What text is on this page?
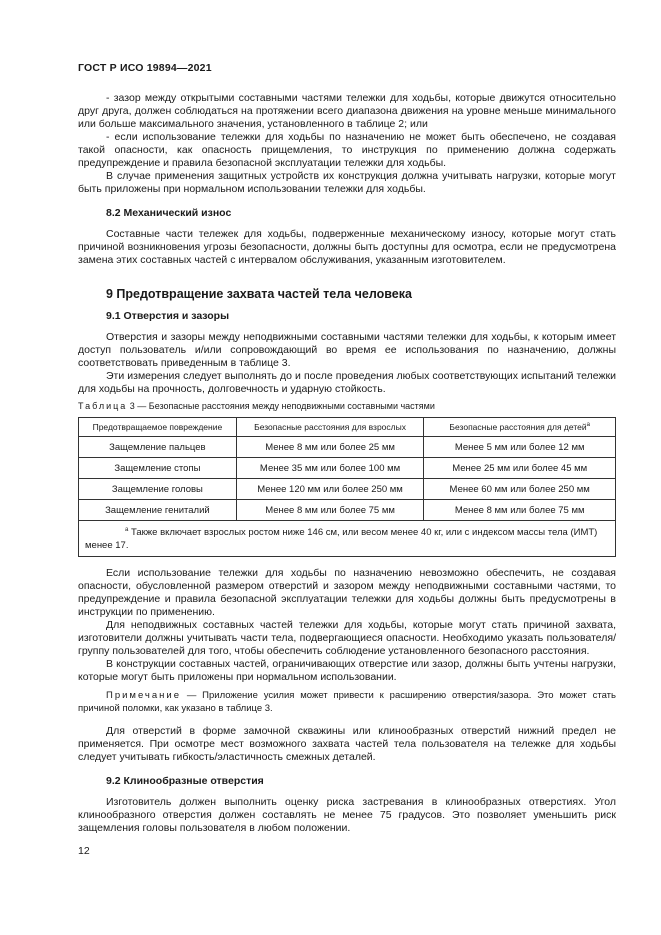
ГОСТ Р ИСО 19894—2021

- зазор между открытыми составными частями тележки для ходьбы, которые движутся относительно друг друга, должен соблюдаться на протяжении всего диапазона движения на уровне меньше минимального или больше максимального значения, установленного в таблице 2; или

- если использование тележки для ходьбы по назначению не может быть обеспечено, не создавая такой опасности, как опасность прищемления, то инструкция по применению должна содержать предупреждение и правила безопасной эксплуатации тележки для ходьбы.

В случае применения защитных устройств их конструкция должна учитывать нагрузки, которые могут быть приложены при нормальном использовании тележки для ходьбы.

8.2 Механический износ

Составные части тележек для ходьбы, подверженные механическому износу, которые могут стать причиной возникновения угрозы безопасности, должны быть доступны для осмотра, если не предусмотрена замена этих составных частей с интервалом обслуживания, указанным изготовителем.

9 Предотвращение захвата частей тела человека
9.1 Отверстия и зазоры

Отверстия и зазоры между неподвижными составными частями тележки для ходьбы, к которым имеет доступ пользователь и/или сопровождающий во время ее использования по назначению, должны соответствовать приведенным в таблице 3.

Эти измерения следует выполнять до и после проведения любых соответствующих испытаний тележки для ходьбы на прочность, долговечность и ударную стойкость.

Таблица 3 — Безопасные расстояния между неподвижными составными частями
Предотвращаемое повреждение	Безопасные расстояния для взрослых	Безопасные расстояния для детей$^а$
Защемление пальцев	Менее 8 мм или более 25 мм	Менее 5 мм или более 12 мм
Защемление стопы	Менее 35 мм или более 100 мм	Менее 25 мм или более 45 мм
Защемление головы	Менее 120 мм или более 250 мм	Менее 60 мм или более 250 мм
Защемление гениталий	Менее 8 мм или более 75 мм	Менее 8 мм или более 75 мм
$^а$ Также включает взрослых ростом ниже 146 см, или весом менее 40 кг, или с индексом массы тела (ИМТ) менее 17.		

Если использование тележки для ходьбы по назначению невозможно обеспечить, не создавая опасности, обусловленной размером отверстий и зазором между неподвижными составными частями, то предупреждение и правила безопасной эксплуатации тележки для ходьбы должны быть предусмотрены в инструкции по применению.

Для неподвижных составных частей тележки для ходьбы, которые могут стать причиной захвата, изготовители должны учитывать части тела, подвергающиеся опасности. Необходимо указать пользователя/группу пользователей для того, чтобы обеспечить соблюдение установленного безопасного расстояния.

В конструкции составных частей, ограничивающих отверстие или зазор, должны быть учтены нагрузки, которые могут быть приложены при нормальном использовании.

Примечание — Приложение усилия может привести к расширению отверстия/зазора. Это может стать причиной поломки, как указано в таблице 3.

Для отверстий в форме замочной скважины или клинообразных отверстий нижний предел не применяется. При осмотре мест возможного захвата частей тела пользователя на тележке для ходьбы следует учитывать гибкость/эластичность смежных деталей.

9.2 Клинообразные отверстия

Изготовитель должен выполнить оценку риска застревания в клинообразных отверстиях. Угол клинообразного отверстия должен составлять не менее 75 градусов. Это позволяет уменьшить риск защемления головы пользователя в любом положении.

12
